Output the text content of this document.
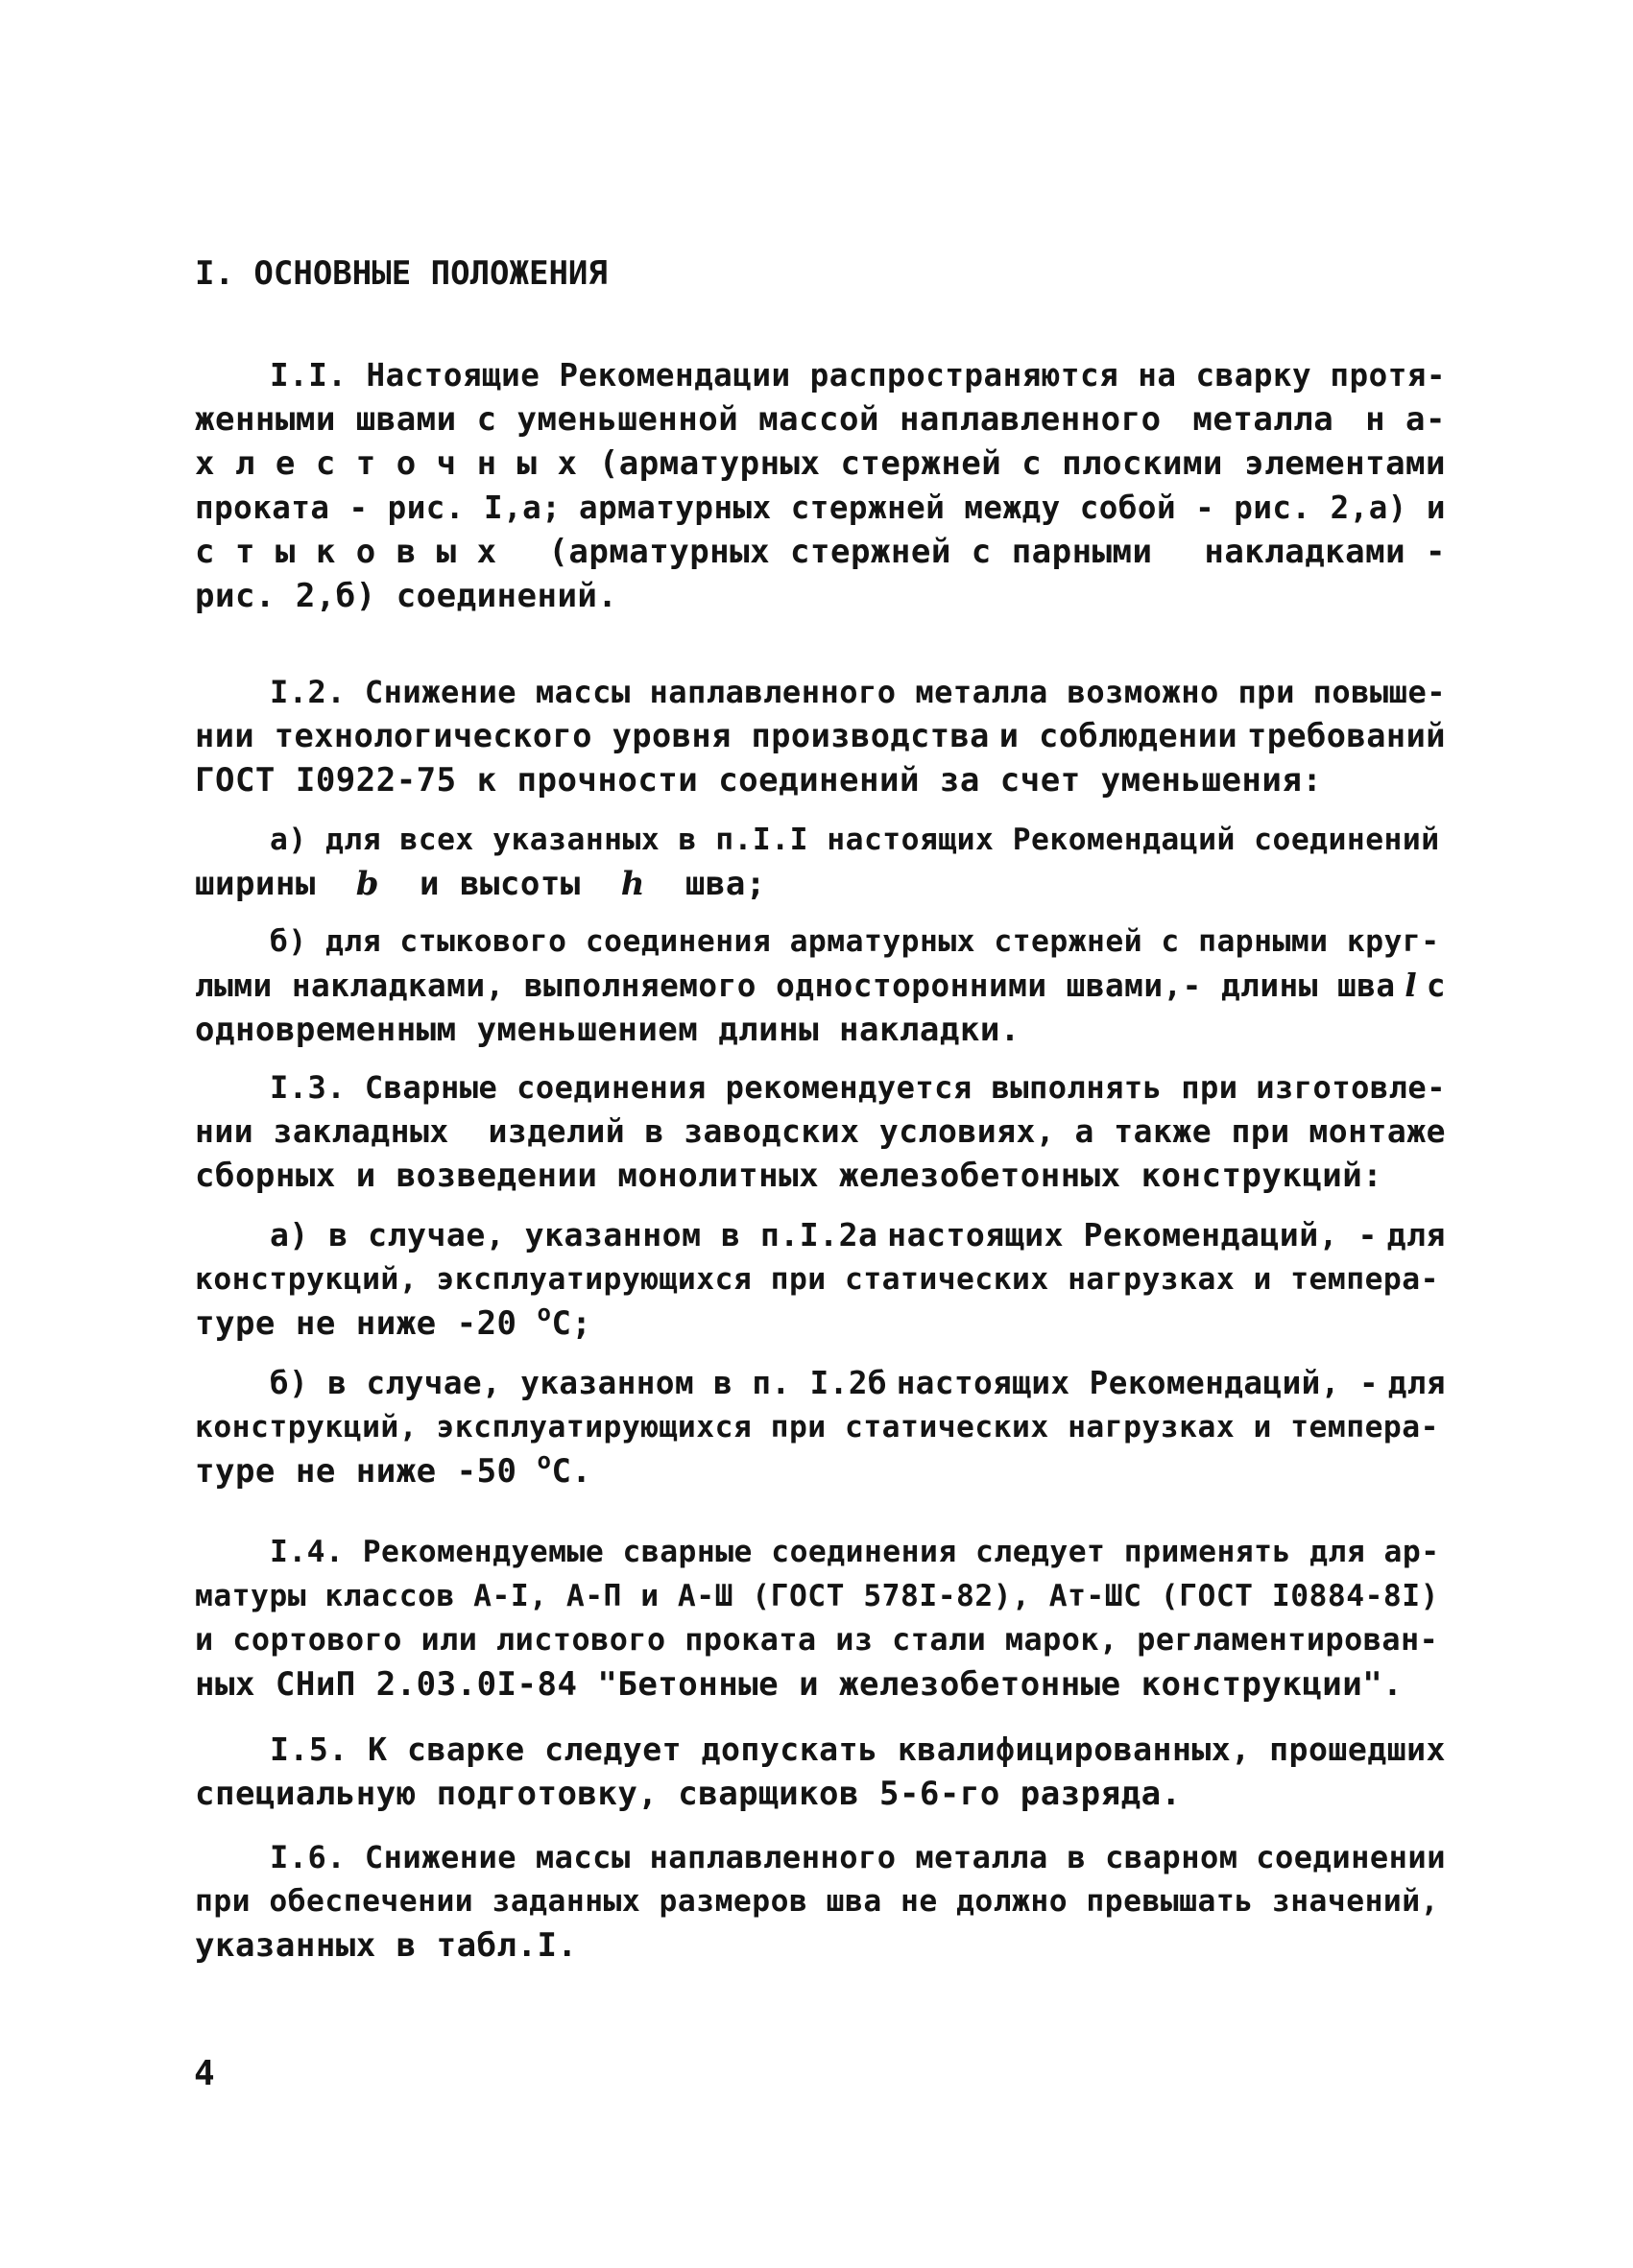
I. ОСНОВНЫЕ ПОЛОЖЕНИЯ
I.I. Настоящие Рекомендации распространяются на сварку протя-
женными швами с уменьшенной массой наплавленного металла н а-
х л е с т о ч н ы х (арматурных стержней с плоскими элементами
проката - рис. I,а; арматурных стержней между собой - рис. 2,а) и
с т ы к о в ы х (арматурных стержней с парными накладками -
рис. 2,б) соединений.
I.2. Снижение массы наплавленного металла возможно при повыше-
нии технологического уровня производства и соблюдении требований
ГОСТ I0922-75 к прочности соединений за счет уменьшения:
а) для всех указанных в п.I.I настоящих Рекомендаций соединений
ширины b и высоты h шва;
б) для стыкового соединения арматурных стержней с парными круг-
лыми накладками, выполняемого односторонними швами,- длины шва l с
одновременным уменьшением длины накладки.
I.3. Сварные соединения рекомендуется выполнять при изготовле-
нии закладных  изделий в заводских условиях, а также при монтаже
сборных и возведении монолитных железобетонных конструкций:
а) в случае, указанном в п.I.2а настоящих Рекомендаций, - для
конструкций, эксплуатирующихся при статических нагрузках и темпера-
туре не ниже -20 $^о$С;
б) в случае, указанном в п. I.2б настоящих Рекомендаций, - для
конструкций, эксплуатирующихся при статических нагрузках и темпера-
туре не ниже -50 $^о$С.
I.4. Рекомендуемые сварные соединения следует применять для ар-
матуры классов А-I, А-П и А-Ш (ГОСТ 578I-82), Ат-ШС (ГОСТ I0884-8I)
и сортового или листового проката из стали марок, регламентирован-
ных СНиП 2.03.0I-84 "Бетонные и железобетонные конструкции".
I.5. К сварке следует допускать квалифицированных, прошедших
специальную подготовку, сварщиков 5-6-го разряда.
I.6. Снижение массы наплавленного металла в сварном соединении
при обеспечении заданных размеров шва не должно превышать значений,
указанных в табл.I.
4
